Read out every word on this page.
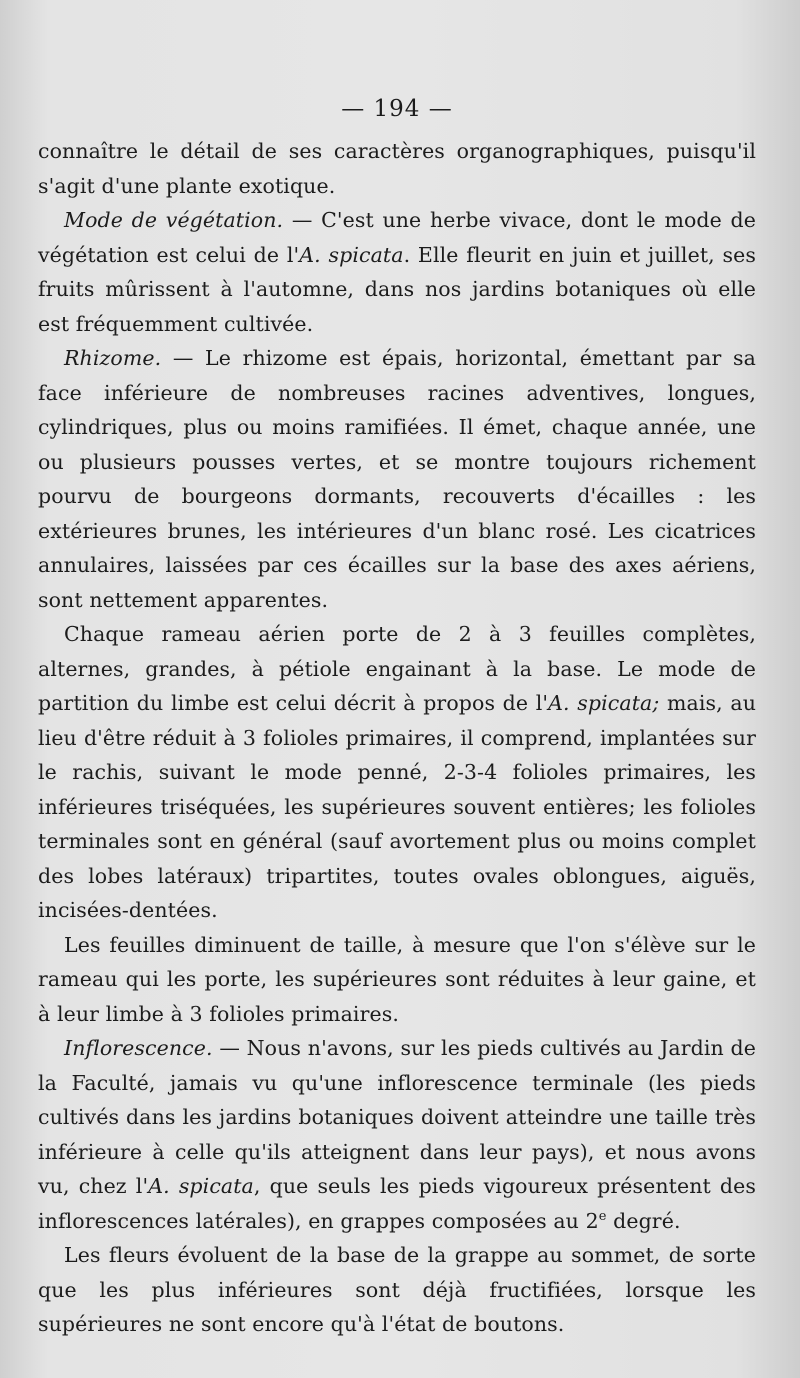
— 194 —

connaître le détail de ses caractères organographiques, puisqu'il s'agit d'une plante exotique.

Mode de végétation. — C'est une herbe vivace, dont le mode de végétation est celui de l'A. spicata. Elle fleurit en juin et juillet, ses fruits mûrissent à l'automne, dans nos jardins botaniques où elle est fréquemment cultivée.

Rhizome. — Le rhizome est épais, horizontal, émettant par sa face inférieure de nombreuses racines adventives, longues, cylindriques, plus ou moins ramifiées. Il émet, chaque année, une ou plusieurs pousses vertes, et se montre toujours richement pourvu de bourgeons dormants, recouverts d'écailles : les extérieures brunes, les intérieures d'un blanc rosé. Les cicatrices annulaires, laissées par ces écailles sur la base des axes aériens, sont nettement apparentes.

Chaque rameau aérien porte de 2 à 3 feuilles complètes, alternes, grandes, à pétiole engainant à la base. Le mode de partition du limbe est celui décrit à propos de l'A. spicata; mais, au lieu d'être réduit à 3 folioles primaires, il comprend, implantées sur le rachis, suivant le mode penné, 2-3-4 folioles primaires, les inférieures triséquées, les supérieures souvent entières; les folioles terminales sont en général (sauf avortement plus ou moins complet des lobes latéraux) tripartites, toutes ovales oblongues, aiguës, incisées-dentées.

Les feuilles diminuent de taille, à mesure que l'on s'élève sur le rameau qui les porte, les supérieures sont réduites à leur gaine, et à leur limbe à 3 folioles primaires.

Inflorescence. — Nous n'avons, sur les pieds cultivés au Jardin de la Faculté, jamais vu qu'une inflorescence terminale (les pieds cultivés dans les jardins botaniques doivent atteindre une taille très inférieure à celle qu'ils atteignent dans leur pays), et nous avons vu, chez l'A. spicata, que seuls les pieds vigoureux présentent des inflorescences latérales), en grappes composées au 2e degré.

Les fleurs évoluent de la base de la grappe au sommet, de sorte que les plus inférieures sont déjà fructifiées, lorsque les supérieures ne sont encore qu'à l'état de boutons.
